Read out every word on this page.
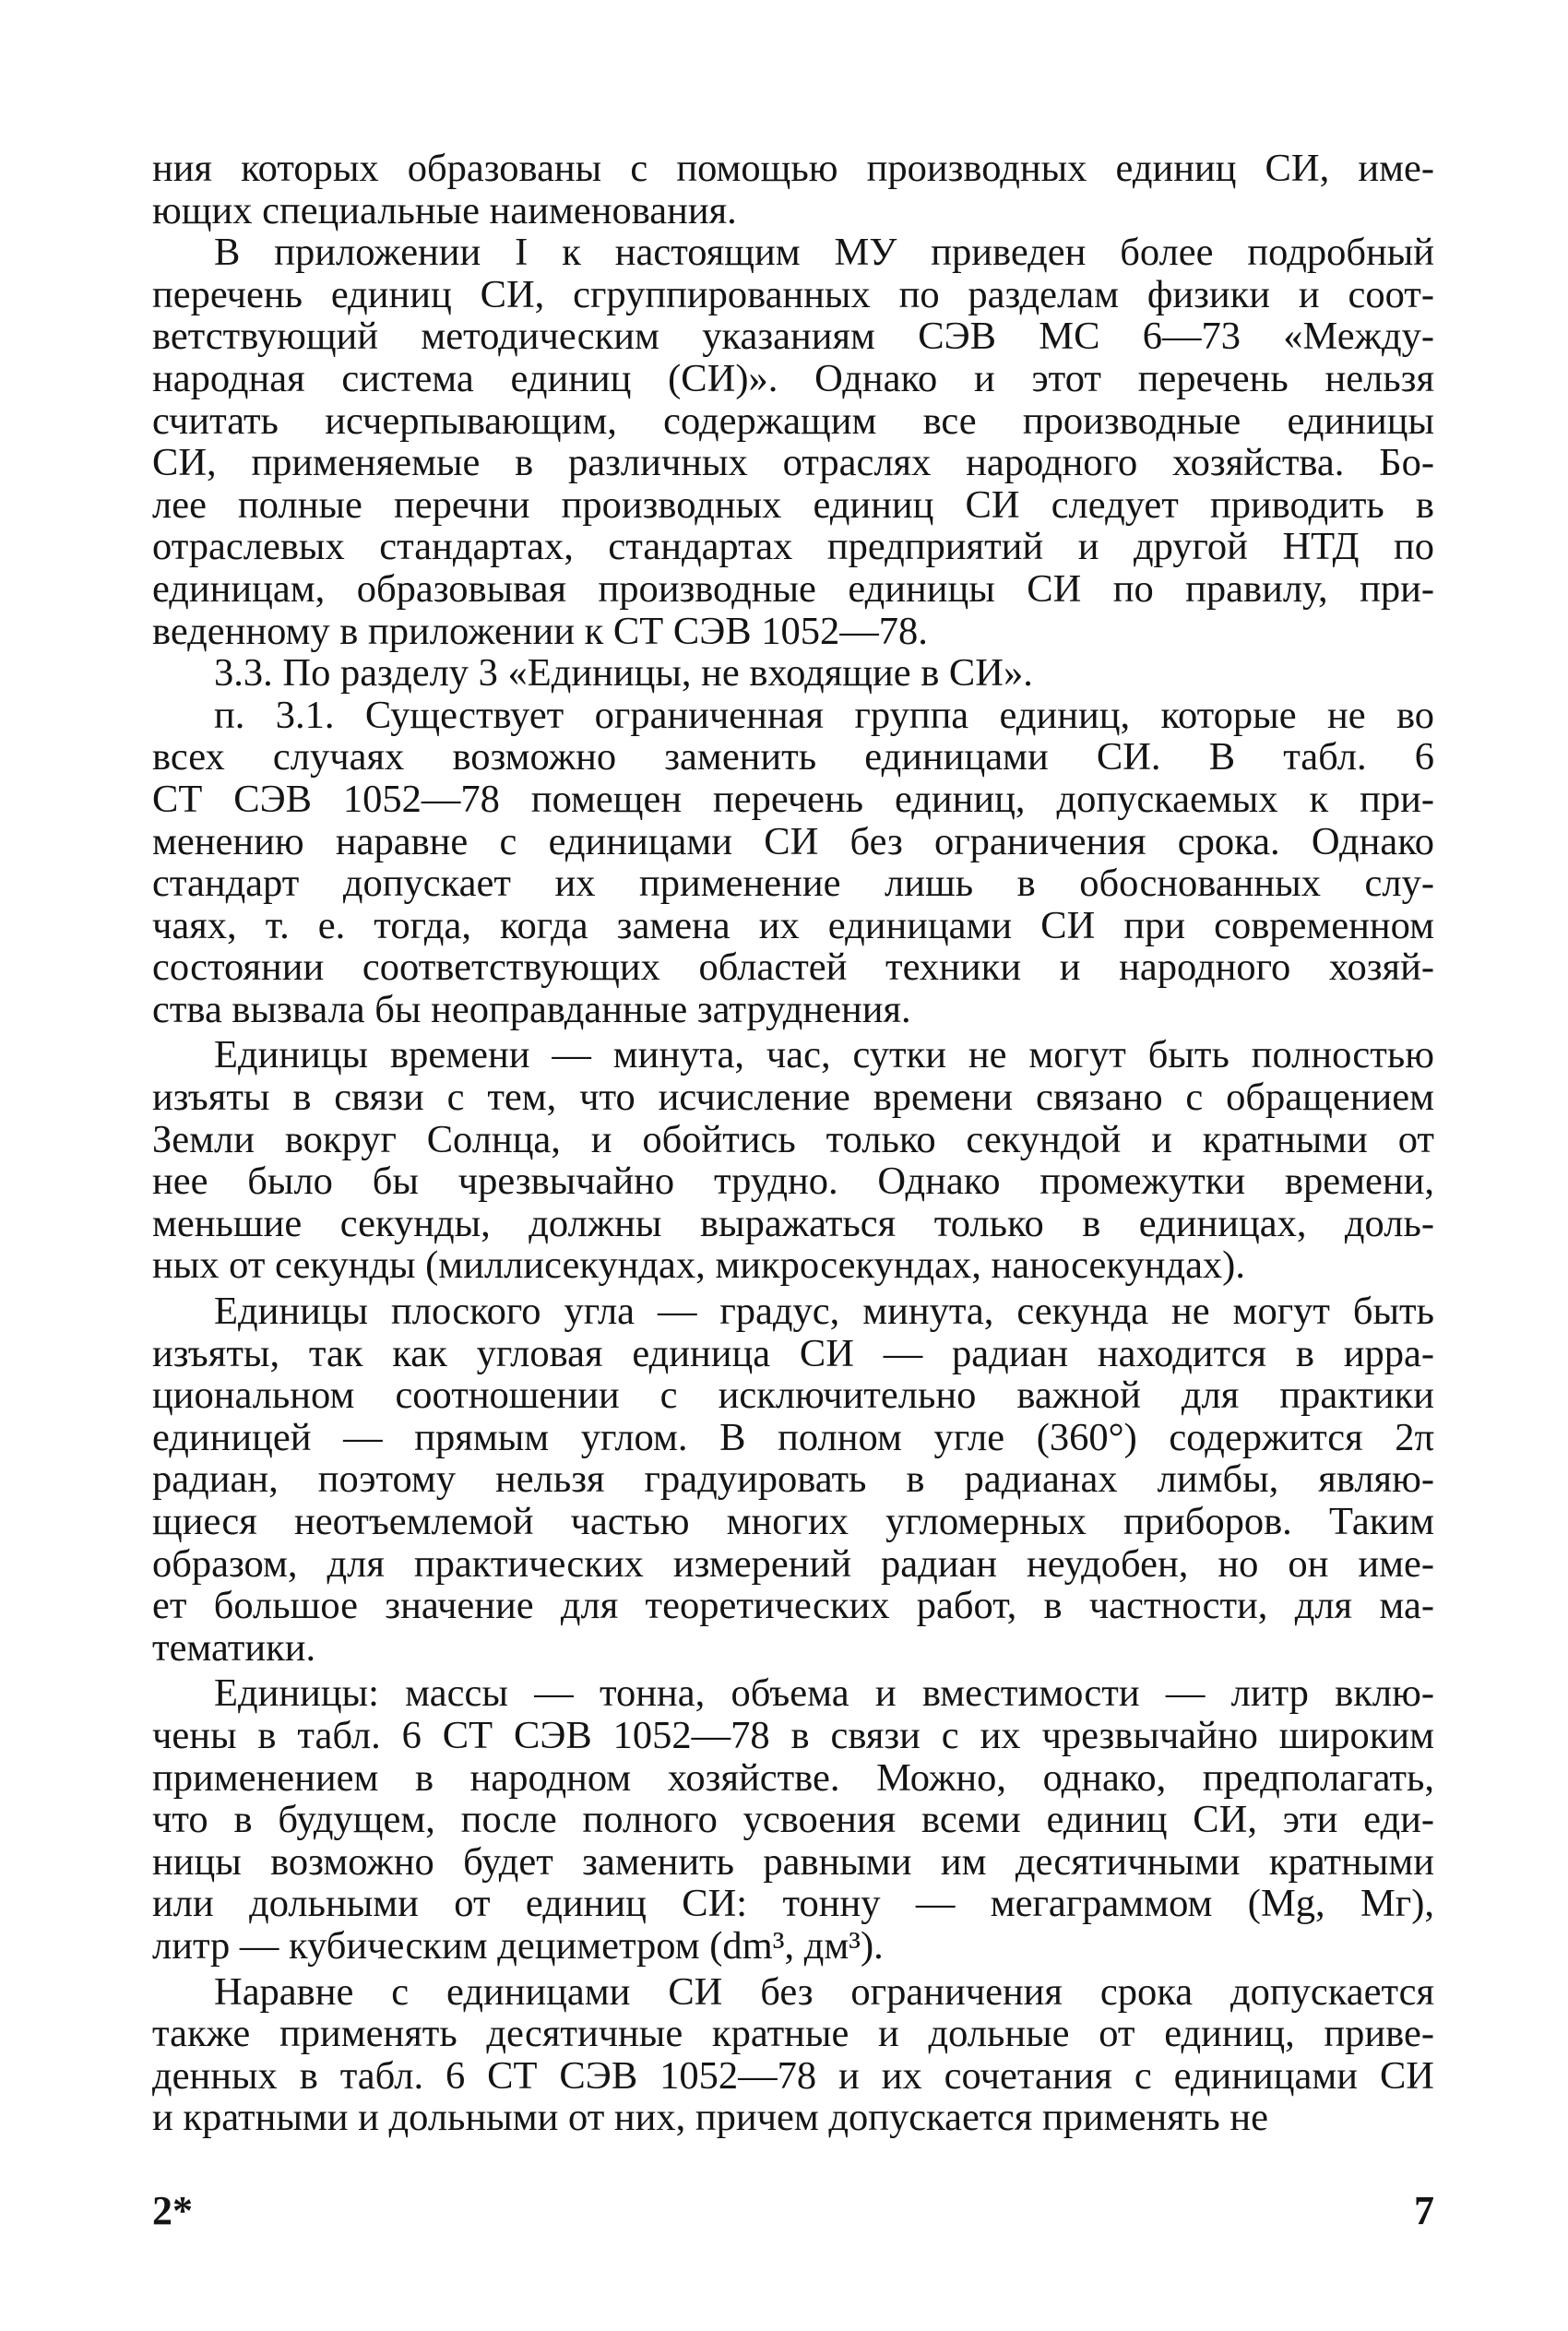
ния которых образованы с помощью производных единиц СИ, име-
ющих специальные наименования.
В приложении I к настоящим МУ приведен более подробный
перечень единиц СИ, сгруппированных по разделам физики и соот-
ветствующий методическим указаниям СЭВ МС 6—73 «Между-
народная система единиц (СИ)». Однако и этот перечень нельзя
считать исчерпывающим, содержащим все производные единицы
СИ, применяемые в различных отраслях народного хозяйства. Бо-
лее полные перечни производных единиц СИ следует приводить в
отраслевых стандартах, стандартах предприятий и другой НТД по
единицам, образовывая производные единицы СИ по правилу, при-
веденному в приложении к СТ СЭВ 1052—78.
3.3. По разделу 3 «Единицы, не входящие в СИ».
п. 3.1. Существует ограниченная группа единиц, которые не во
всех случаях возможно заменить единицами СИ. В табл. 6
СТ СЭВ 1052—78 помещен перечень единиц, допускаемых к при-
менению наравне с единицами СИ без ограничения срока. Однако
стандарт допускает их применение лишь в обоснованных слу-
чаях, т. е. тогда, когда замена их единицами СИ при современном
состоянии соответствующих областей техники и народного хозяй-
ства вызвала бы неоправданные затруднения.
Единицы времени — минута, час, сутки не могут быть полностью
изъяты в связи с тем, что исчисление времени связано с обращением
Земли вокруг Солнца, и обойтись только секундой и кратными от
нее было бы чрезвычайно трудно. Однако промежутки времени,
меньшие секунды, должны выражаться только в единицах, доль-
ных от секунды (миллисекундах, микросекундах, наносекундах).
Единицы плоского угла — градус, минута, секунда не могут быть
изъяты, так как угловая единица СИ — радиан находится в ирра-
циональном соотношении с исключительно важной для практики
единицей — прямым углом. В полном угле (360°) содержится 2π
радиан, поэтому нельзя градуировать в радианах лимбы, являю-
щиеся неотъемлемой частью многих угломерных приборов. Таким
образом, для практических измерений радиан неудобен, но он име-
ет большое значение для теоретических работ, в частности, для ма-
тематики.
Единицы: массы — тонна, объема и вместимости — литр вклю-
чены в табл. 6 СТ СЭВ 1052—78 в связи с их чрезвычайно широким
применением в народном хозяйстве. Можно, однако, предполагать,
что в будущем, после полного усвоения всеми единиц СИ, эти еди-
ницы возможно будет заменить равными им десятичными кратными
или дольными от единиц СИ: тонну — мегаграммом (Mg, Мг),
литр — кубическим дециметром (dm³, дм³).
Наравне с единицами СИ без ограничения срока допускается
также применять десятичные кратные и дольные от единиц, приве-
денных в табл. 6 СТ СЭВ 1052—78 и их сочетания с единицами СИ
и кратными и дольными от них, причем допускается применять не
2*	7
